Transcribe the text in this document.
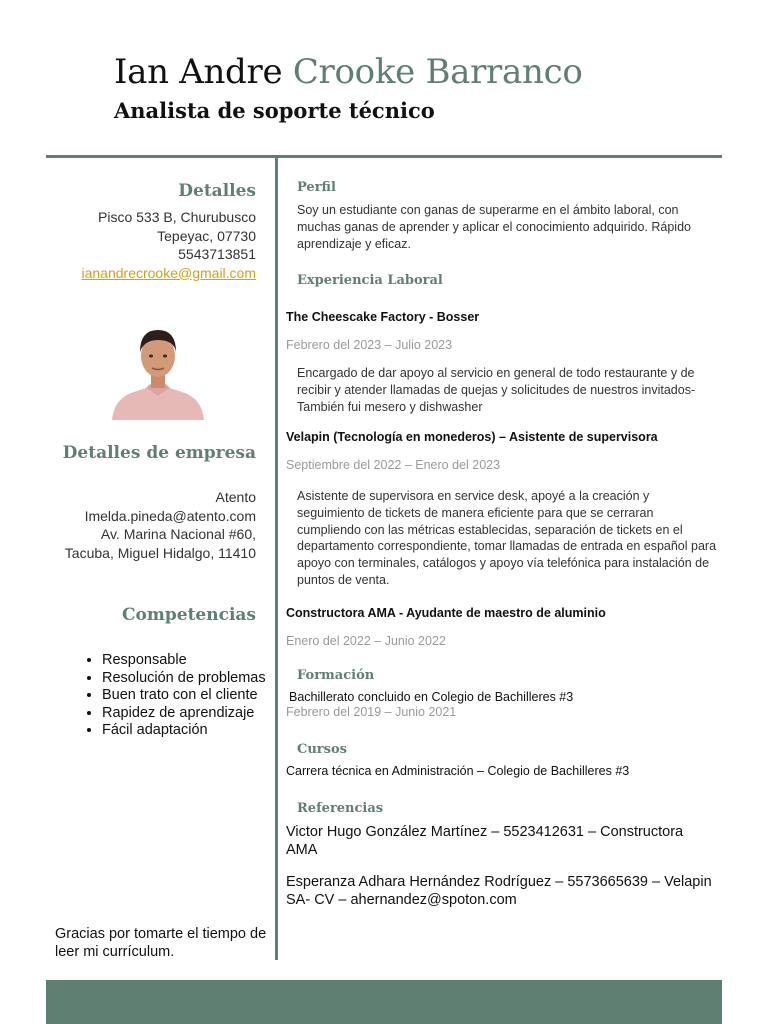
Ian Andre Crooke Barranco
Analista de soporte técnico
Detalles
Pisco 533 B, Churubusco
Tepeyac, 07730
5543713851
ianandrecrooke@gmail.com
Detalles de empresa
Atento
Imelda.pineda@atento.com
Av. Marina Nacional #60,
Tacuba, Miguel Hidalgo, 11410
Competencias
• Responsable
• Resolución de problemas
• Buen trato con el cliente
• Rapidez de aprendizaje
• Fácil adaptación
Gracias por tomarte el tiempo de leer mi currículum.
Perfil
Soy un estudiante con ganas de superarme en el ámbito laboral, con muchas ganas de aprender y aplicar el conocimiento adquirido. Rápido aprendizaje y eficaz.
Experiencia Laboral
The Cheescake Factory - Bosser
Febrero del 2023 – Julio 2023
Encargado de dar apoyo al servicio en general de todo restaurante y de recibir y atender llamadas de quejas y solicitudes de nuestros invitados- También fui mesero y dishwasher
Velapin (Tecnología en monederos) – Asistente de supervisora
Septiembre del 2022 – Enero del 2023
Asistente de supervisora en service desk, apoyé a la creación y seguimiento de tickets de manera eficiente para que se cerraran cumpliendo con las métricas establecidas, separación de tickets en el departamento correspondiente, tomar llamadas de entrada en español para apoyo con terminales, catálogos y apoyo vía telefónica para instalación de puntos de venta.
Constructora AMA - Ayudante de maestro de aluminio
Enero del 2022 – Junio 2022
Formación
Bachillerato concluido en Colegio de Bachilleres #3
Febrero del 2019 – Junio 2021
Cursos
Carrera técnica en Administración – Colegio de Bachilleres #3
Referencias
Victor Hugo González Martínez – 5523412631 – Constructora AMA
Esperanza Adhara Hernández Rodríguez – 5573665639 – Velapin SA- CV – ahernandez@spoton.com
